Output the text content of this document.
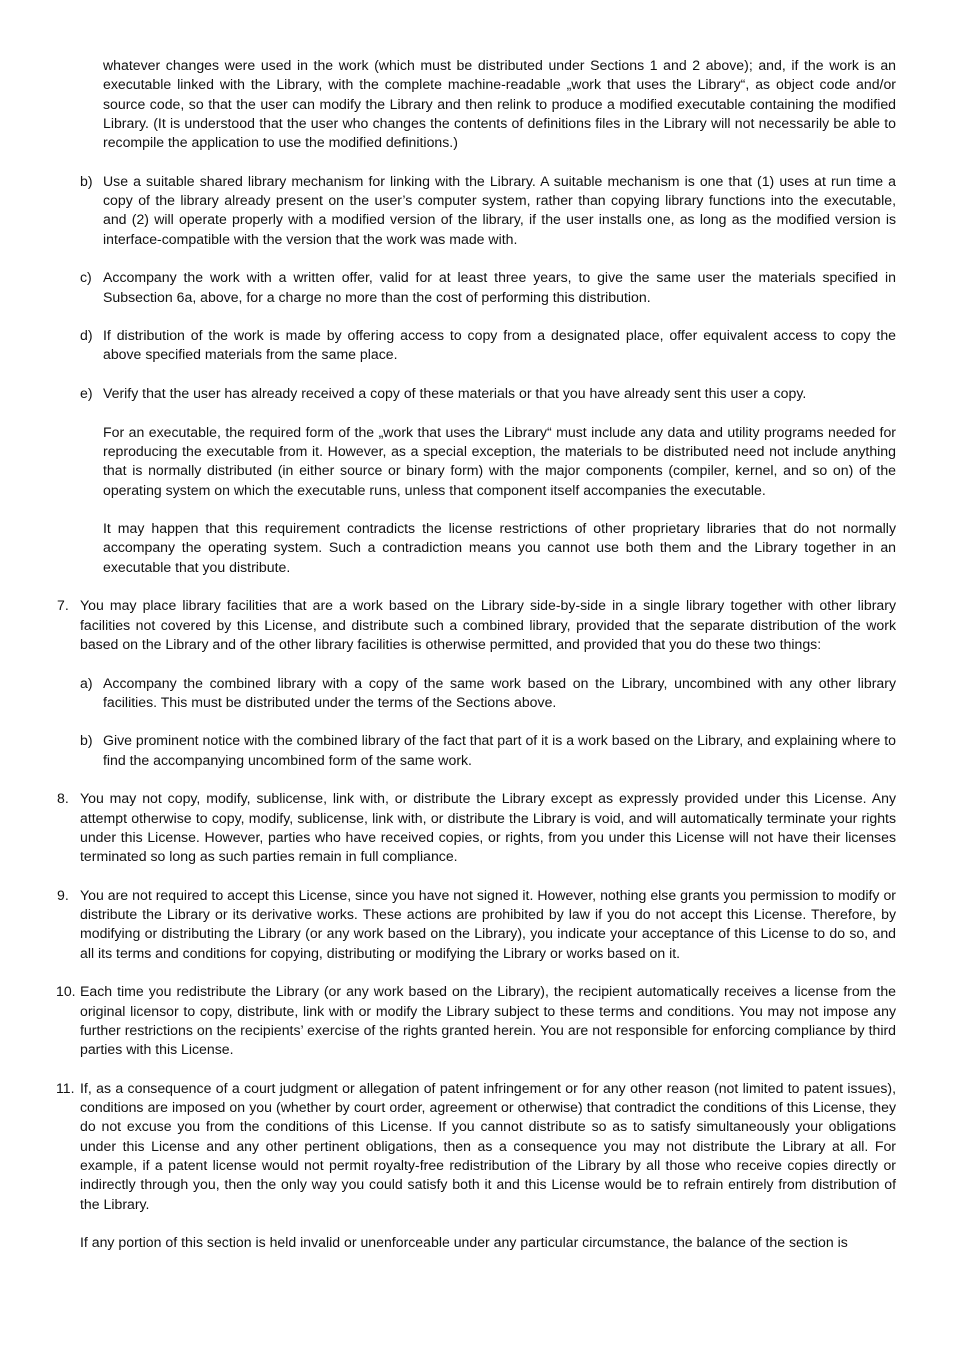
whatever changes were used in the work (which must be distributed under Sections 1 and 2 above); and, if the work is an executable linked with the Library, with the complete machine-readable „work that uses the Library“, as object code and/or source code, so that the user can modify the Library and then relink to produce a modified executable containing the modified Library. (It is understood that the user who changes the contents of definitions files in the Library will not necessarily be able to recompile the application to use the modified definitions.)
b) Use a suitable shared library mechanism for linking with the Library. A suitable mechanism is one that (1) uses at run time a copy of the library already present on the user’s computer system, rather than copying library functions into the executable, and (2) will operate properly with a modified version of the library, if the user installs one, as long as the modified version is interface-compatible with the version that the work was made with.
c) Accompany the work with a written offer, valid for at least three years, to give the same user the materials specified in Subsection 6a, above, for a charge no more than the cost of performing this distribution.
d) If distribution of the work is made by offering access to copy from a designated place, offer equivalent access to copy the above specified materials from the same place.
e) Verify that the user has already received a copy of these materials or that you have already sent this user a copy.
For an executable, the required form of the „work that uses the Library“ must include any data and utility programs needed for reproducing the executable from it. However, as a special exception, the materials to be distributed need not include anything that is normally distributed (in either source or binary form) with the major components (compiler, kernel, and so on) of the operating system on which the executable runs, unless that component itself accompanies the executable.
It may happen that this requirement contradicts the license restrictions of other proprietary libraries that do not normally accompany the operating system. Such a contradiction means you cannot use both them and the Library together in an executable that you distribute.
7. You may place library facilities that are a work based on the Library side-by-side in a single library together with other library facilities not covered by this License, and distribute such a combined library, provided that the separate distribution of the work based on the Library and of the other library facilities is otherwise permitted, and provided that you do these two things:
a) Accompany the combined library with a copy of the same work based on the Library, uncombined with any other library facilities. This must be distributed under the terms of the Sections above.
b) Give prominent notice with the combined library of the fact that part of it is a work based on the Library, and explaining where to find the accompanying uncombined form of the same work.
8. You may not copy, modify, sublicense, link with, or distribute the Library except as expressly provided under this License. Any attempt otherwise to copy, modify, sublicense, link with, or distribute the Library is void, and will automatically terminate your rights under this License. However, parties who have received copies, or rights, from you under this License will not have their licenses terminated so long as such parties remain in full compliance.
9. You are not required to accept this License, since you have not signed it. However, nothing else grants you permission to modify or distribute the Library or its derivative works. These actions are prohibited by law if you do not accept this License. Therefore, by modifying or distributing the Library (or any work based on the Library), you indicate your acceptance of this License to do so, and all its terms and conditions for copying, distributing or modifying the Library or works based on it.
10. Each time you redistribute the Library (or any work based on the Library), the recipient automatically receives a license from the original licensor to copy, distribute, link with or modify the Library subject to these terms and conditions. You may not impose any further restrictions on the recipients’ exercise of the rights granted herein. You are not responsible for enforcing compliance by third parties with this License.
11. If, as a consequence of a court judgment or allegation of patent infringement or for any other reason (not limited to patent issues), conditions are imposed on you (whether by court order, agreement or otherwise) that contradict the conditions of this License, they do not excuse you from the conditions of this License. If you cannot distribute so as to satisfy simultaneously your obligations under this License and any other pertinent obligations, then as a consequence you may not distribute the Library at all. For example, if a patent license would not permit royalty-free redistribution of the Library by all those who receive copies directly or indirectly through you, then the only way you could satisfy both it and this License would be to refrain entirely from distribution of the Library.
If any portion of this section is held invalid or unenforceable under any particular circumstance, the balance of the section is
